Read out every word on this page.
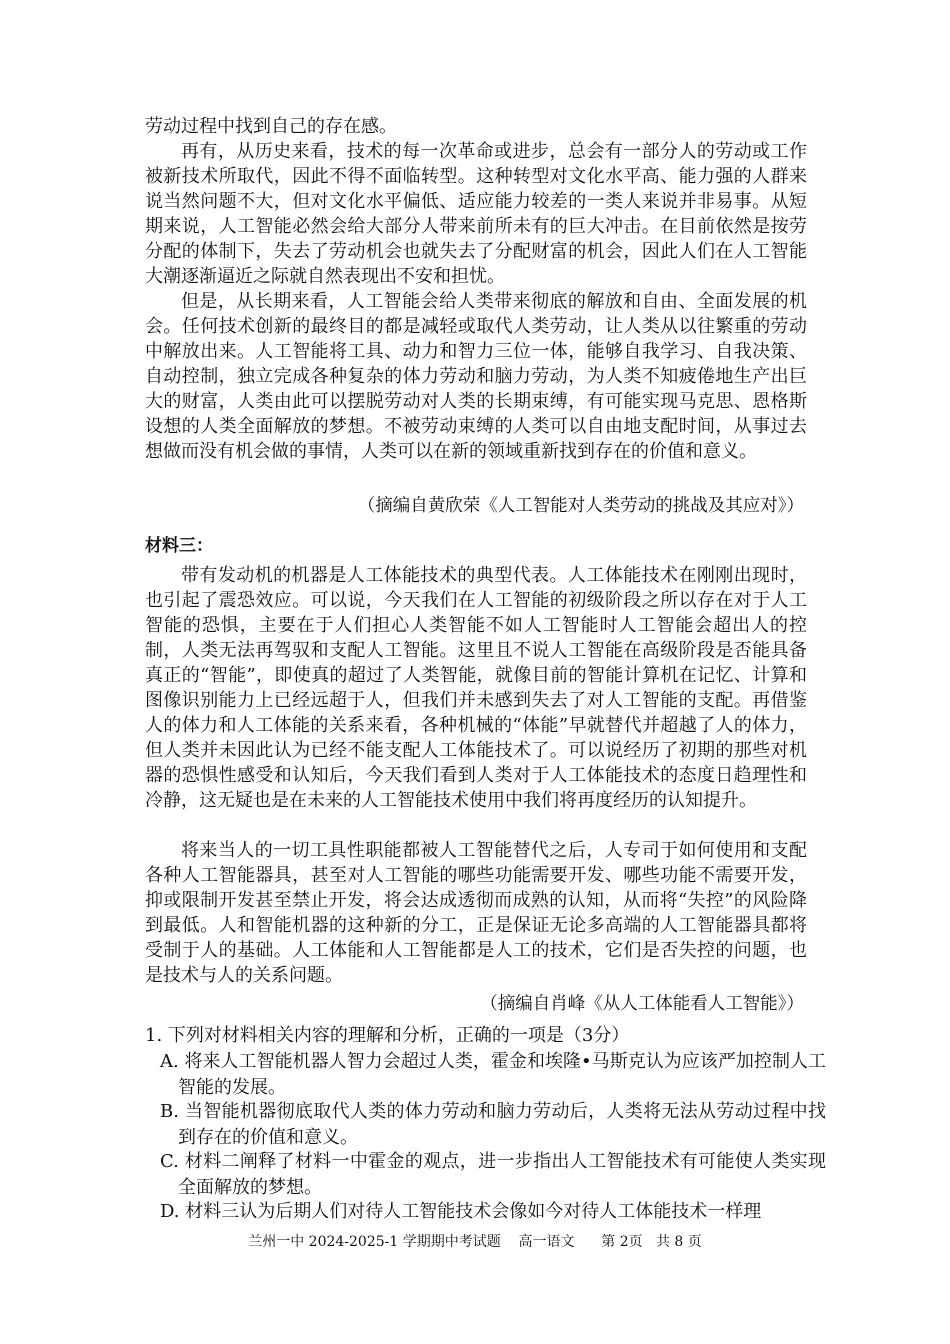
劳动过程中找到自己的存在感。

再有，从历史来看，技术的每一次革命或进步，总会有一部分人的劳动或工作被新技术所取代，因此不得不面临转型。这种转型对文化水平高、能力强的人群来说当然问题不大，但对文化水平偏低、适应能力较差的一类人来说并非易事。从短期来说，人工智能必然会给大部分人带来前所未有的巨大冲击。在目前依然是按劳分配的体制下，失去了劳动机会也就失去了分配财富的机会，因此人们在人工智能大潮逐渐逼近之际就自然表现出不安和担忧。

但是，从长期来看，人工智能会给人类带来彻底的解放和自由、全面发展的机会。任何技术创新的最终目的都是减轻或取代人类劳动，让人类从以往繁重的劳动中解放出来。人工智能将工具、动力和智力三位一体，能够自我学习、自我决策、自动控制，独立完成各种复杂的体力劳动和脑力劳动，为人类不知疲倦地生产出巨大的财富，人类由此可以摆脱劳动对人类的长期束缚，有可能实现马克思、恩格斯设想的人类全面解放的梦想。不被劳动束缚的人类可以自由地支配时间，从事过去想做而没有机会做的事情，人类可以在新的领域重新找到存在的价值和意义。

（摘编自黄欣荣《人工智能对人类劳动的挑战及其应对》）

材料三：

带有发动机的机器是人工体能技术的典型代表。人工体能技术在刚刚出现时，也引起了震恐效应。可以说，今天我们在人工智能的初级阶段之所以存在对于人工智能的恐惧，主要在于人们担心人类智能不如人工智能时人工智能会超出人的控制，人类无法再驾驭和支配人工智能。这里且不说人工智能在高级阶段是否能具备真正的“智能”，即使真的超过了人类智能，就像目前的智能计算机在记忆、计算和图像识别能力上已经远超于人，但我们并未感到失去了对人工智能的支配。再借鉴人的体力和人工体能的关系来看，各种机械的“体能”早就替代并超越了人的体力，但人类并未因此认为已经不能支配人工体能技术了。可以说经历了初期的那些对机器的恐惧性感受和认知后，今天我们看到人类对于人工体能技术的态度日趋理性和冷静，这无疑也是在未来的人工智能技术使用中我们将再度经历的认知提升。

将来当人的一切工具性职能都被人工智能替代之后，人专司于如何使用和支配各种人工智能器具，甚至对人工智能的哪些功能需要开发、哪些功能不需要开发，抑或限制开发甚至禁止开发，将会达成透彻而成熟的认知，从而将“失控”的风险降到最低。人和智能机器的这种新的分工，正是保证无论多高端的人工智能器具都将受制于人的基础。人工体能和人工智能都是人工的技术，它们是否失控的问题，也是技术与人的关系问题。

（摘编自肖峰《从人工体能看人工智能》）

1. 下列对材料相关内容的理解和分析，正确的一项是（3分）

A. 将来人工智能机器人智力会超过人类，霍金和埃隆•马斯克认为应该严加控制人工智能的发展。

B. 当智能机器彻底取代人类的体力劳动和脑力劳动后，人类将无法从劳动过程中找到存在的价值和意义。

C. 材料二阐释了材料一中霍金的观点，进一步指出人工智能技术有可能使人类实现全面解放的梦想。

D. 材料三认为后期人们对待人工智能技术会像如今对待人工体能技术一样理

兰州一中 2024-2025-1 学期期中考试题    高一语文      第 2页   共 8 页
